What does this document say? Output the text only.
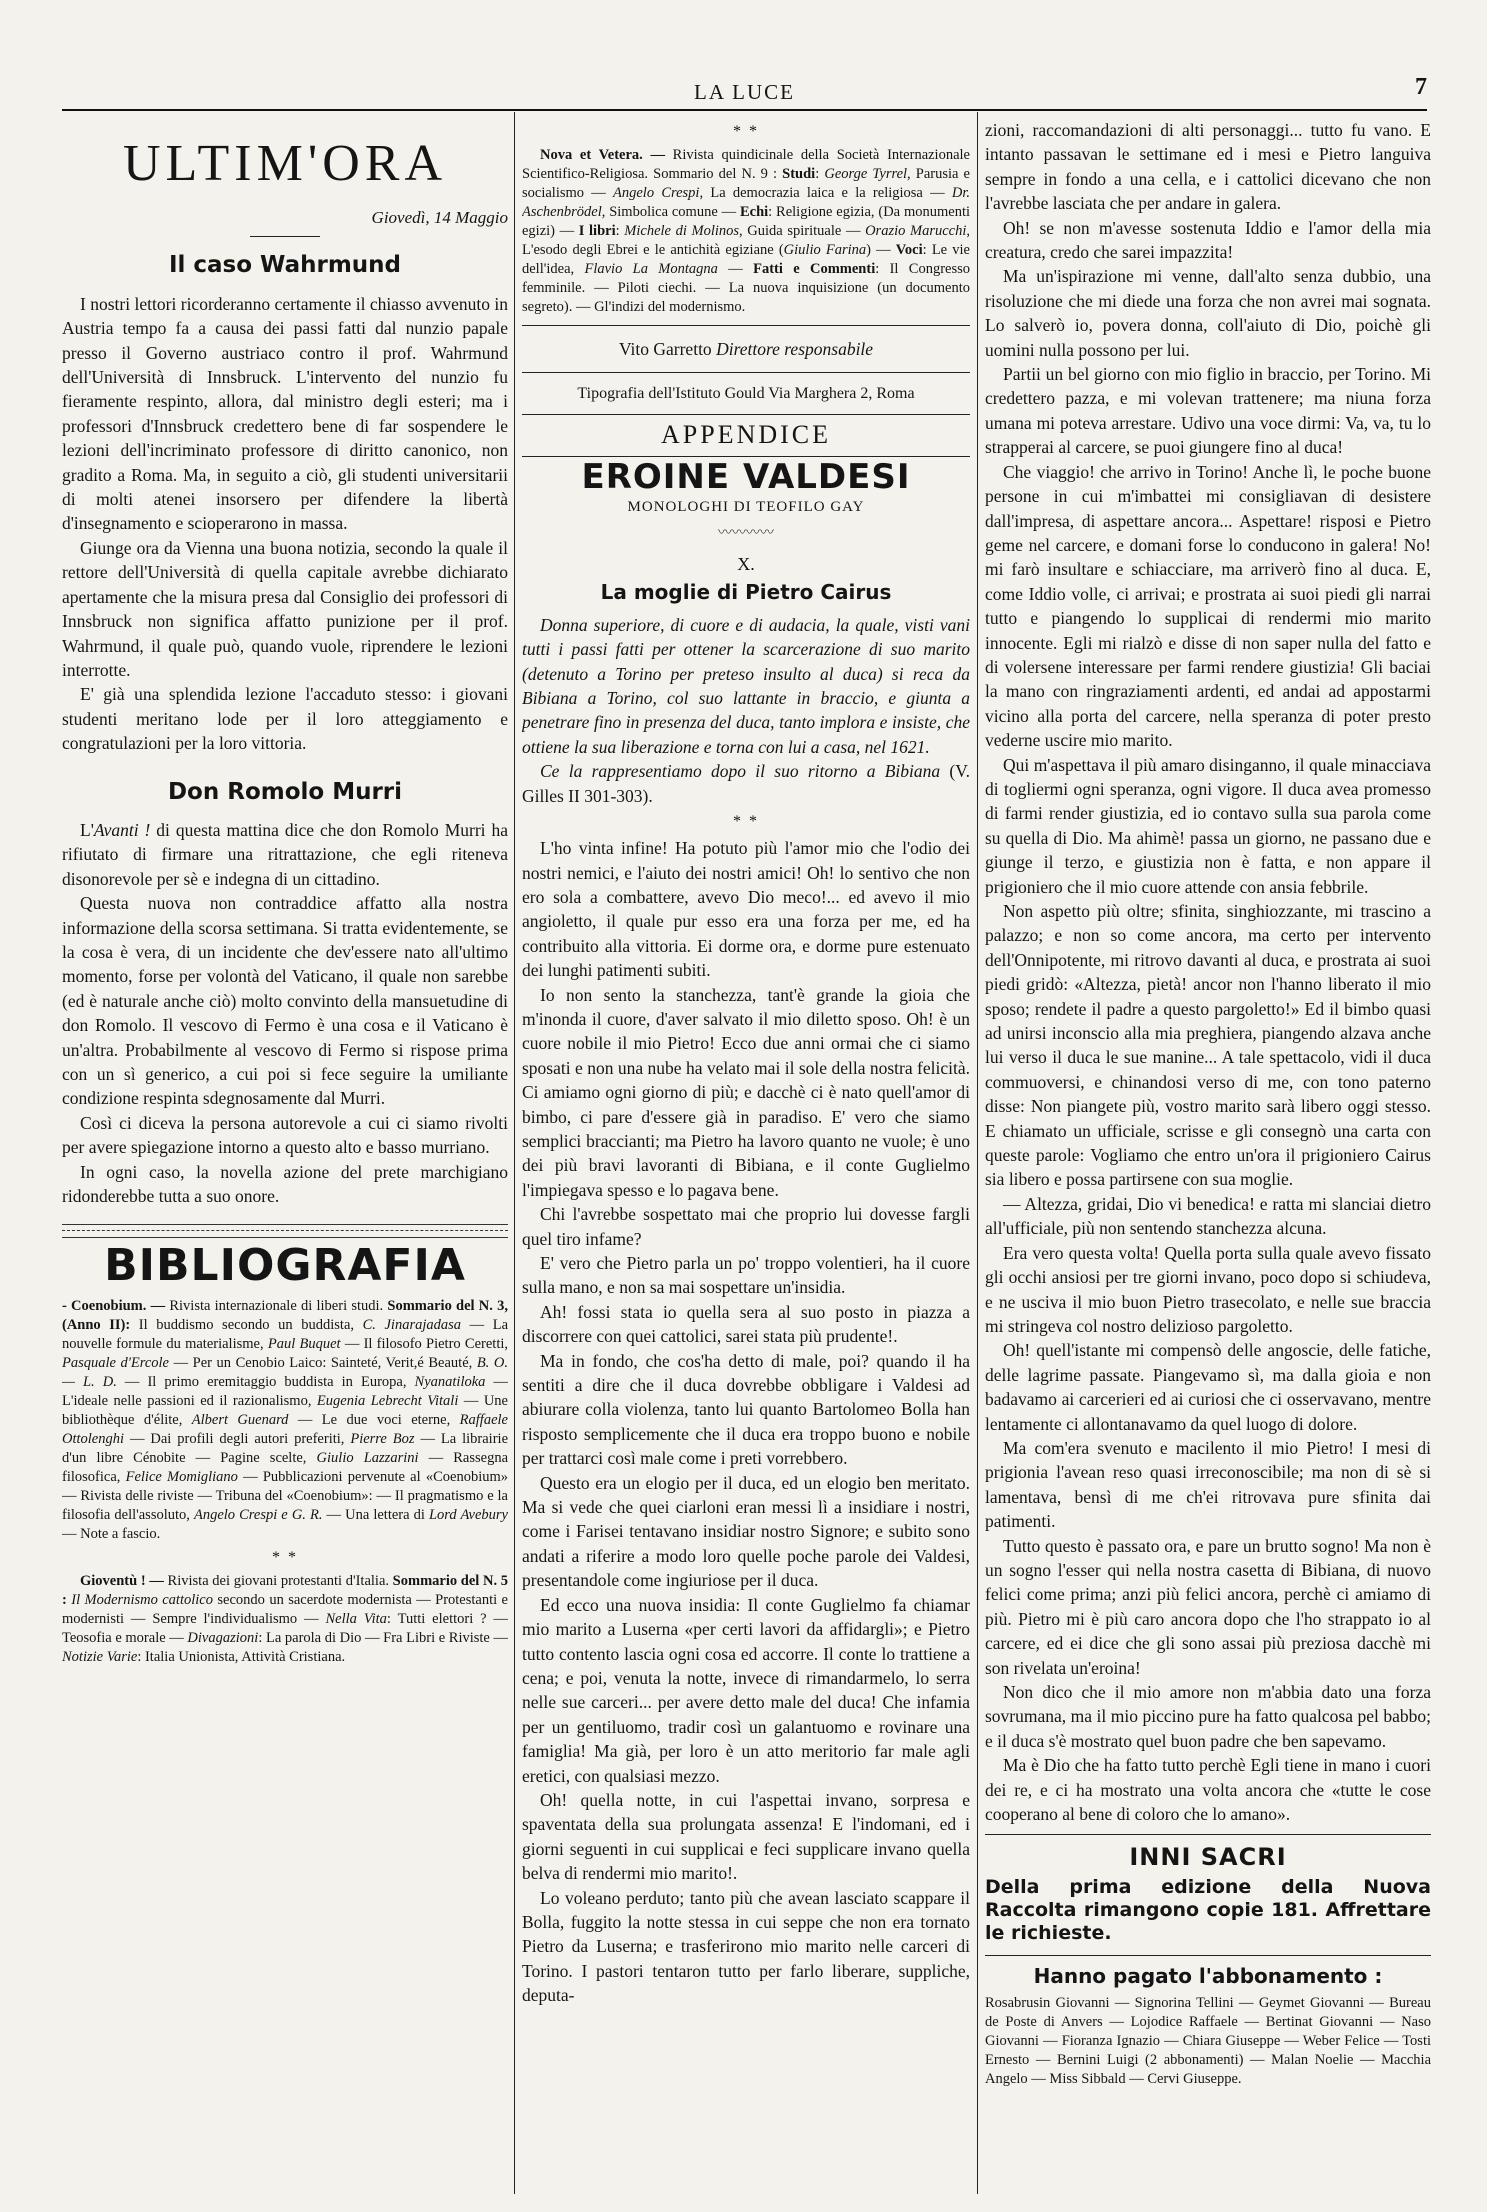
LA LUCE	7
ULTIM'ORA
Giovedì, 14 Maggio
Il caso Wahrmund

I nostri lettori ricorderanno certamente il chiasso avvenuto in Austria tempo fa a causa dei passi fatti dal nunzio papale presso il Governo austriaco contro il prof. Wahrmund dell'Università di Innsbruck. L'intervento del nunzio fu fieramente respinto, allora, dal ministro degli esteri; ma i professori d'Innsbruck credettero bene di far sospendere le lezioni dell'incriminato professore di diritto canonico, non gradito a Roma. Ma, in seguito a ciò, gli studenti universitarii di molti atenei insorsero per difendere la libertà d'insegnamento e scioperarono in massa.

Giunge ora da Vienna una buona notizia, secondo la quale il rettore dell'Università di quella capitale avrebbe dichiarato apertamente che la misura presa dal Consiglio dei professori di Innsbruck non significa affatto punizione per il prof. Wahrmund, il quale può, quando vuole, riprendere le lezioni interrotte.

E' già una splendida lezione l'accaduto stesso: i giovani studenti meritano lode per il loro atteggiamento e congratulazioni per la loro vittoria.

Don Romolo Murri

L'Avanti ! di questa mattina dice che don Romolo Murri ha rifiutato di firmare una ritrattazione, che egli riteneva disonorevole per sè e indegna di un cittadino.

Questa nuova non contraddice affatto alla nostra informazione della scorsa settimana. Si tratta evidentemente, se la cosa è vera, di un incidente che dev'essere nato all'ultimo momento, forse per volontà del Vaticano, il quale non sarebbe (ed è naturale anche ciò) molto convinto della mansuetudine di don Romolo. Il vescovo di Fermo è una cosa e il Vaticano è un'altra. Probabilmente al vescovo di Fermo si rispose prima con un sì generico, a cui poi si fece seguire la umiliante condizione respinta sdegnosamente dal Murri.

Così ci diceva la persona autorevole a cui ci siamo rivolti per avere spiegazione intorno a questo alto e basso murriano.

In ogni caso, la novella azione del prete marchigiano ridonderebbe tutta a suo onore.

BIBLIOGRAFIA

- Coenobium. — Rivista internazionale di liberi studi. Sommario del N. 3, (Anno II): Il buddismo secondo un buddista, C. Jinarajadasa — La nouvelle formule du materialisme, Paul Buquet — Il filosofo Pietro Ceretti, Pasquale d'Ercole — Per un Cenobio Laico: Sainteté, Verit,é Beauté, B. O. — L. D. — Il primo eremitaggio buddista in Europa, Nyanatiloka — L'ideale nelle passioni ed il razionalismo, Eugenia Lebrecht Vitali — Une bibliothèque d'élite, Albert Guenard — Le due voci eterne, Raffaele Ottolenghi — Dai profili degli autori preferiti, Pierre Boz — La librairie d'un libre Cénobite — Pagine scelte, Giulio Lazzarini — Rassegna filosofica, Felice Momigliano — Pubblicazioni pervenute al «Coenobium» — Rivista delle riviste — Tribuna del «Coenobium»: — Il pragmatismo e la filosofia dell'assoluto, Angelo Crespi e G. R. — Una lettera di Lord Avebury — Note a fascio.

* *

Gioventù ! — Rivista dei giovani protestanti d'Italia. Sommario del N. 5 : Il Modernismo cattolico secondo un sacerdote modernista — Protestanti e modernisti — Sempre l'individualismo — Nella Vita: Tutti elettori ? — Teosofia e morale — Divagazioni: La parola di Dio — Fra Libri e Riviste — Notizie Varie: Italia Unionista, Attività Cristiana.

* *

Nova et Vetera. — Rivista quindicinale della Società Internazionale Scientifico-Religiosa. Sommario del N. 9 : Studi: George Tyrrel, Parusia e socialismo — Angelo Crespi, La democrazia laica e la religiosa — Dr. Aschenbrödel, Simbolica comune — Echi: Religione egizia, (Da monumenti egizi) — I libri: Michele di Molinos, Guida spirituale — Orazio Marucchi, L'esodo degli Ebrei e le antichità egiziane (Giulio Farina) — Voci: Le vie dell'idea, Flavio La Montagna — Fatti e Commenti: Il Congresso femminile. — Piloti ciechi. — La nuova inquisizione (un documento segreto). — Gl'indizi del modernismo.

Vito Garretto Direttore responsabile
Tipografia dell'Istituto Gould Via Marghera 2, Roma
APPENDICE
EROINE VALDESI
MONOLOGHI DI TEOFILO GAY
〰〰〰〰
X.
La moglie di Pietro Cairus

Donna superiore, di cuore e di audacia, la quale, visti vani tutti i passi fatti per ottener la scarcerazione di suo marito (detenuto a Torino per preteso insulto al duca) si reca da Bibiana a Torino, col suo lattante in braccio, e giunta a penetrare fino in presenza del duca, tanto implora e insiste, che ottiene la sua liberazione e torna con lui a casa, nel 1621.

Ce la rappresentiamo dopo il suo ritorno a Bibiana (V. Gilles II 301-303).

* *

L'ho vinta infine! Ha potuto più l'amor mio che l'odio dei nostri nemici, e l'aiuto dei nostri amici! Oh! lo sentivo che non ero sola a combattere, avevo Dio meco!... ed avevo il mio angioletto, il quale pur esso era una forza per me, ed ha contribuito alla vittoria. Ei dorme ora, e dorme pure estenuato dei lunghi patimenti subiti.

Io non sento la stanchezza, tant'è grande la gioia che m'inonda il cuore, d'aver salvato il mio diletto sposo. Oh! è un cuore nobile il mio Pietro! Ecco due anni ormai che ci siamo sposati e non una nube ha velato mai il sole della nostra felicità. Ci amiamo ogni giorno di più; e dacchè ci è nato quell'amor di bimbo, ci pare d'essere già in paradiso. E' vero che siamo semplici braccianti; ma Pietro ha lavoro quanto ne vuole; è uno dei più bravi lavoranti di Bibiana, e il conte Guglielmo l'impiegava spesso e lo pagava bene.

Chi l'avrebbe sospettato mai che proprio lui dovesse fargli quel tiro infame?

E' vero che Pietro parla un po' troppo volentieri, ha il cuore sulla mano, e non sa mai sospettare un'insidia.

Ah! fossi stata io quella sera al suo posto in piazza a discorrere con quei cattolici, sarei stata più prudente!.

Ma in fondo, che cos'ha detto di male, poi? quando il ha sentiti a dire che il duca dovrebbe obbligare i Valdesi ad abiurare colla violenza, tanto lui quanto Bartolomeo Bolla han risposto semplicemente che il duca era troppo buono e nobile per trattarci così male come i preti vorrebbero.

Questo era un elogio per il duca, ed un elogio ben meritato. Ma si vede che quei ciarloni eran messi lì a insidiare i nostri, come i Farisei tentavano insidiar nostro Signore; e subito sono andati a riferire a modo loro quelle poche parole dei Valdesi, presentandole come ingiuriose per il duca.

Ed ecco una nuova insidia: Il conte Guglielmo fa chiamar mio marito a Luserna «per certi lavori da affidargli»; e Pietro tutto contento lascia ogni cosa ed accorre. Il conte lo trattiene a cena; e poi, venuta la notte, invece di rimandarmelo, lo serra nelle sue carceri... per avere detto male del duca! Che infamia per un gentiluomo, tradir così un galantuomo e rovinare una famiglia! Ma già, per loro è un atto meritorio far male agli eretici, con qualsiasi mezzo.

Oh! quella notte, in cui l'aspettai invano, sorpresa e spaventata della sua prolungata assenza! E l'indomani, ed i giorni seguenti in cui supplicai e feci supplicare invano quella belva di rendermi mio marito!.

Lo voleano perduto; tanto più che avean lasciato scappare il Bolla, fuggito la notte stessa in cui seppe che non era tornato Pietro da Luserna; e trasferirono mio marito nelle carceri di Torino. I pastori tentaron tutto per farlo liberare, suppliche, deputa-

zioni, raccomandazioni di alti personaggi... tutto fu vano. E intanto passavan le settimane ed i mesi e Pietro languiva sempre in fondo a una cella, e i cattolici dicevano che non l'avrebbe lasciata che per andare in galera.

Oh! se non m'avesse sostenuta Iddio e l'amor della mia creatura, credo che sarei impazzita!

Ma un'ispirazione mi venne, dall'alto senza dubbio, una risoluzione che mi diede una forza che non avrei mai sognata. Lo salverò io, povera donna, coll'aiuto di Dio, poichè gli uomini nulla possono per lui.

Partii un bel giorno con mio figlio in braccio, per Torino. Mi credettero pazza, e mi volevan trattenere; ma niuna forza umana mi poteva arrestare. Udivo una voce dirmi: Va, va, tu lo strapperai al carcere, se puoi giungere fino al duca!

Che viaggio! che arrivo in Torino! Anche lì, le poche buone persone in cui m'imbattei mi consigliavan di desistere dall'impresa, di aspettare ancora... Aspettare! risposi e Pietro geme nel carcere, e domani forse lo conducono in galera! No! mi farò insultare e schiacciare, ma arriverò fino al duca. E, come Iddio volle, ci arrivai; e prostrata ai suoi piedi gli narrai tutto e piangendo lo supplicai di rendermi mio marito innocente. Egli mi rialzò e disse di non saper nulla del fatto e di volersene interessare per farmi rendere giustizia! Gli baciai la mano con ringraziamenti ardenti, ed andai ad appostarmi vicino alla porta del carcere, nella speranza di poter presto vederne uscire mio marito.

Qui m'aspettava il più amaro disinganno, il quale minacciava di togliermi ogni speranza, ogni vigore. Il duca avea promesso di farmi render giustizia, ed io contavo sulla sua parola come su quella di Dio. Ma ahimè! passa un giorno, ne passano due e giunge il terzo, e giustizia non è fatta, e non appare il prigioniero che il mio cuore attende con ansia febbrile.

Non aspetto più oltre; sfinita, singhiozzante, mi trascino a palazzo; e non so come ancora, ma certo per intervento dell'Onnipotente, mi ritrovo davanti al duca, e prostrata ai suoi piedi gridò: «Altezza, pietà! ancor non l'hanno liberato il mio sposo; rendete il padre a questo pargoletto!» Ed il bimbo quasi ad unirsi inconscio alla mia preghiera, piangendo alzava anche lui verso il duca le sue manine... A tale spettacolo, vidi il duca commuoversi, e chinandosi verso di me, con tono paterno disse: Non piangete più, vostro marito sarà libero oggi stesso. E chiamato un ufficiale, scrisse e gli consegnò una carta con queste parole: Vogliamo che entro un'ora il prigioniero Cairus sia libero e possa partirsene con sua moglie.

— Altezza, gridai, Dio vi benedica! e ratta mi slanciai dietro all'ufficiale, più non sentendo stanchezza alcuna.

Era vero questa volta! Quella porta sulla quale avevo fissato gli occhi ansiosi per tre giorni invano, poco dopo si schiudeva, e ne usciva il mio buon Pietro trasecolato, e nelle sue braccia mi stringeva col nostro delizioso pargoletto.

Oh! quell'istante mi compensò delle angoscie, delle fatiche, delle lagrime passate. Piangevamo sì, ma dalla gioia e non badavamo ai carcerieri ed ai curiosi che ci osservavano, mentre lentamente ci allontanavamo da quel luogo di dolore.

Ma com'era svenuto e macilento il mio Pietro! I mesi di prigionia l'avean reso quasi irreconoscibile; ma non di sè si lamentava, bensì di me ch'ei ritrovava pure sfinita dai patimenti.

Tutto questo è passato ora, e pare un brutto sogno! Ma non è un sogno l'esser qui nella nostra casetta di Bibiana, di nuovo felici come prima; anzi più felici ancora, perchè ci amiamo di più. Pietro mi è più caro ancora dopo che l'ho strappato io al carcere, ed ei dice che gli sono assai più preziosa dacchè mi son rivelata un'eroina!

Non dico che il mio amore non m'abbia dato una forza sovrumana, ma il mio piccino pure ha fatto qualcosa pel babbo; e il duca s'è mostrato quel buon padre che ben sapevamo.

Ma è Dio che ha fatto tutto perchè Egli tiene in mano i cuori dei re, e ci ha mostrato una volta ancora che «tutte le cose cooperano al bene di coloro che lo amano».

INNI SACRI
Della prima edizione della Nuova Raccolta rimangono copie 181. Affrettare le richieste.
Hanno pagato l'abbonamento :

Rosabrusin Giovanni — Signorina Tellini — Geymet Giovanni — Bureau de Poste di Anvers — Lojodice Raffaele — Bertinat Giovanni — Naso Giovanni — Fioranza Ignazio — Chiara Giuseppe — Weber Felice — Tosti Ernesto — Bernini Luigi (2 abbonamenti) — Malan Noelie — Macchia Angelo — Miss Sibbald — Cervi Giuseppe.
